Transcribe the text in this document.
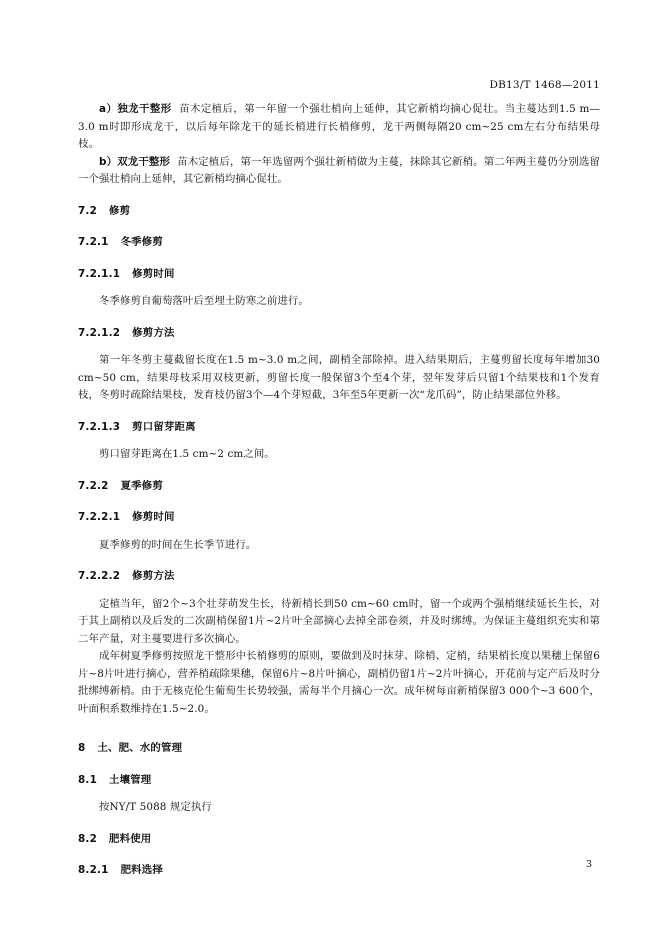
DB13/T 1468—2011

a）独龙干整形 苗木定植后，第一年留一个强壮梢向上延伸，其它新梢均摘心促壮。当主蔓达到1.5 m—3.0 m时即形成龙干，以后每年除龙干的延长梢进行长梢修剪，龙干两侧每隔20 cm~25 cm左右分布结果母枝。

b）双龙干整形 苗木定植后，第一年选留两个强壮新梢做为主蔓，抹除其它新梢。第二年两主蔓仍分别选留一个强壮梢向上延伸，其它新梢均摘心促壮。

7.2 修剪

7.2.1 冬季修剪

7.2.1.1 修剪时间

冬季修剪自葡萄落叶后至埋土防寒之前进行。

7.2.1.2 修剪方法

第一年冬剪主蔓截留长度在1.5 m~3.0 m之间，副梢全部除掉。进入结果期后，主蔓剪留长度每年增加30 cm~50 cm，结果母枝采用双枝更新，剪留长度一般保留3个至4个芽，翌年发芽后只留1个结果枝和1个发育枝，冬剪时疏除结果枝，发育枝仍留3个—4个芽短截，3年至5年更新一次“龙爪码”，防止结果部位外移。

7.2.1.3 剪口留芽距离

剪口留芽距离在1.5 cm~2 cm之间。

7.2.2 夏季修剪

7.2.2.1 修剪时间

夏季修剪的时间在生长季节进行。

7.2.2.2 修剪方法

定植当年，留2个~3个壮芽萌发生长，待新梢长到50 cm~60 cm时，留一个或两个强梢继续延长生长，对于其上副梢以及后发的二次副梢保留1片~2片叶全部摘心去掉全部卷须，并及时绑缚。为保证主蔓组织充实和第二年产量，对主蔓要进行多次摘心。

成年树夏季修剪按照龙干整形中长梢修剪的原则，要做到及时抹芽、除梢、定梢，结果梢长度以果穗上保留6片~8片叶进行摘心，营养梢疏除果穗，保留6片~8片叶摘心，副梢仍留1片~2片叶摘心，开花前与定产后及时分批绑缚新梢。由于无核克伦生葡萄生长势较强，需每半个月摘心一次。成年树每亩新梢保留3 000个~3 600个，叶面积系数维持在1.5~2.0。

8 土、肥、水的管理

8.1 土壤管理

按NY/T 5088 规定执行

8.2 肥料使用

8.2.1 肥料选择	3
